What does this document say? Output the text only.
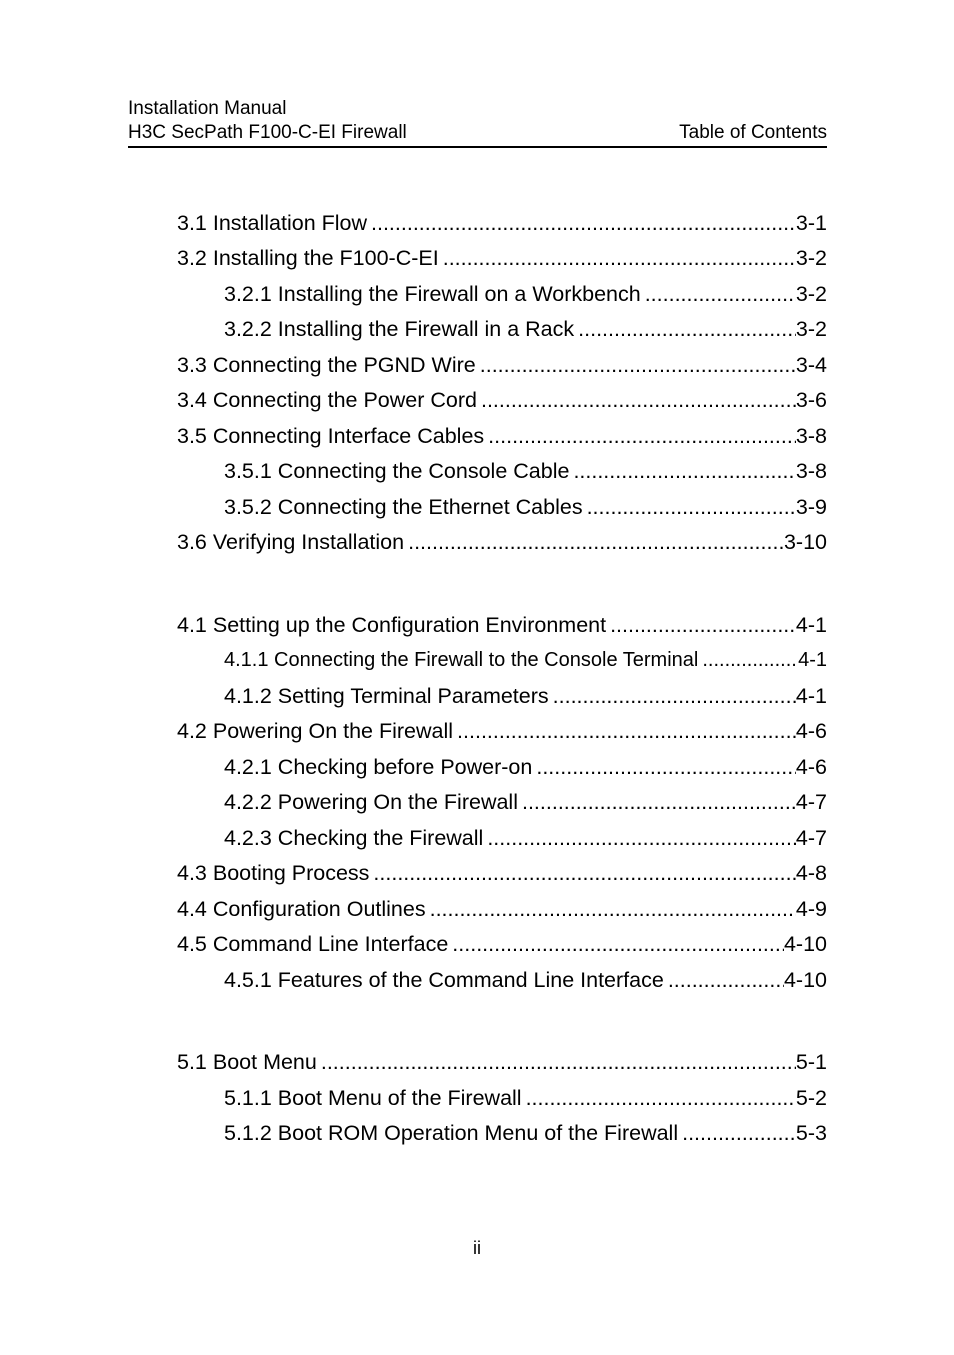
Installation Manual
H3C SecPath F100-C-EI Firewall	Table of Contents
3.1 Installation Flow .....	3-1
3.2 Installing the F100-C-EI .....	3-2
3.2.1 Installing the Firewall on a Workbench .....	3-2
3.2.2 Installing the Firewall in a Rack .....	3-2
3.3 Connecting the PGND Wire .....	3-4
3.4 Connecting the Power Cord .....	3-6
3.5 Connecting Interface Cables .....	3-8
3.5.1 Connecting the Console Cable .....	3-8
3.5.2 Connecting the Ethernet Cables .....	3-9
3.6 Verifying Installation .....	3-10
4.1 Setting up the Configuration Environment .....	4-1
4.1.1 Connecting the Firewall to the Console Terminal .....	4-1
4.1.2 Setting Terminal Parameters .....	4-1
4.2 Powering On the Firewall .....	4-6
4.2.1 Checking before Power-on .....	4-6
4.2.2 Powering On the Firewall .....	4-7
4.2.3 Checking the Firewall .....	4-7
4.3 Booting Process .....	4-8
4.4 Configuration Outlines .....	4-9
4.5 Command Line Interface .....	4-10
4.5.1 Features of the Command Line Interface .....	4-10
5.1 Boot Menu .....	5-1
5.1.1 Boot Menu of the Firewall .....	5-2
5.1.2 Boot ROM Operation Menu of the Firewall .....	5-3
ii
